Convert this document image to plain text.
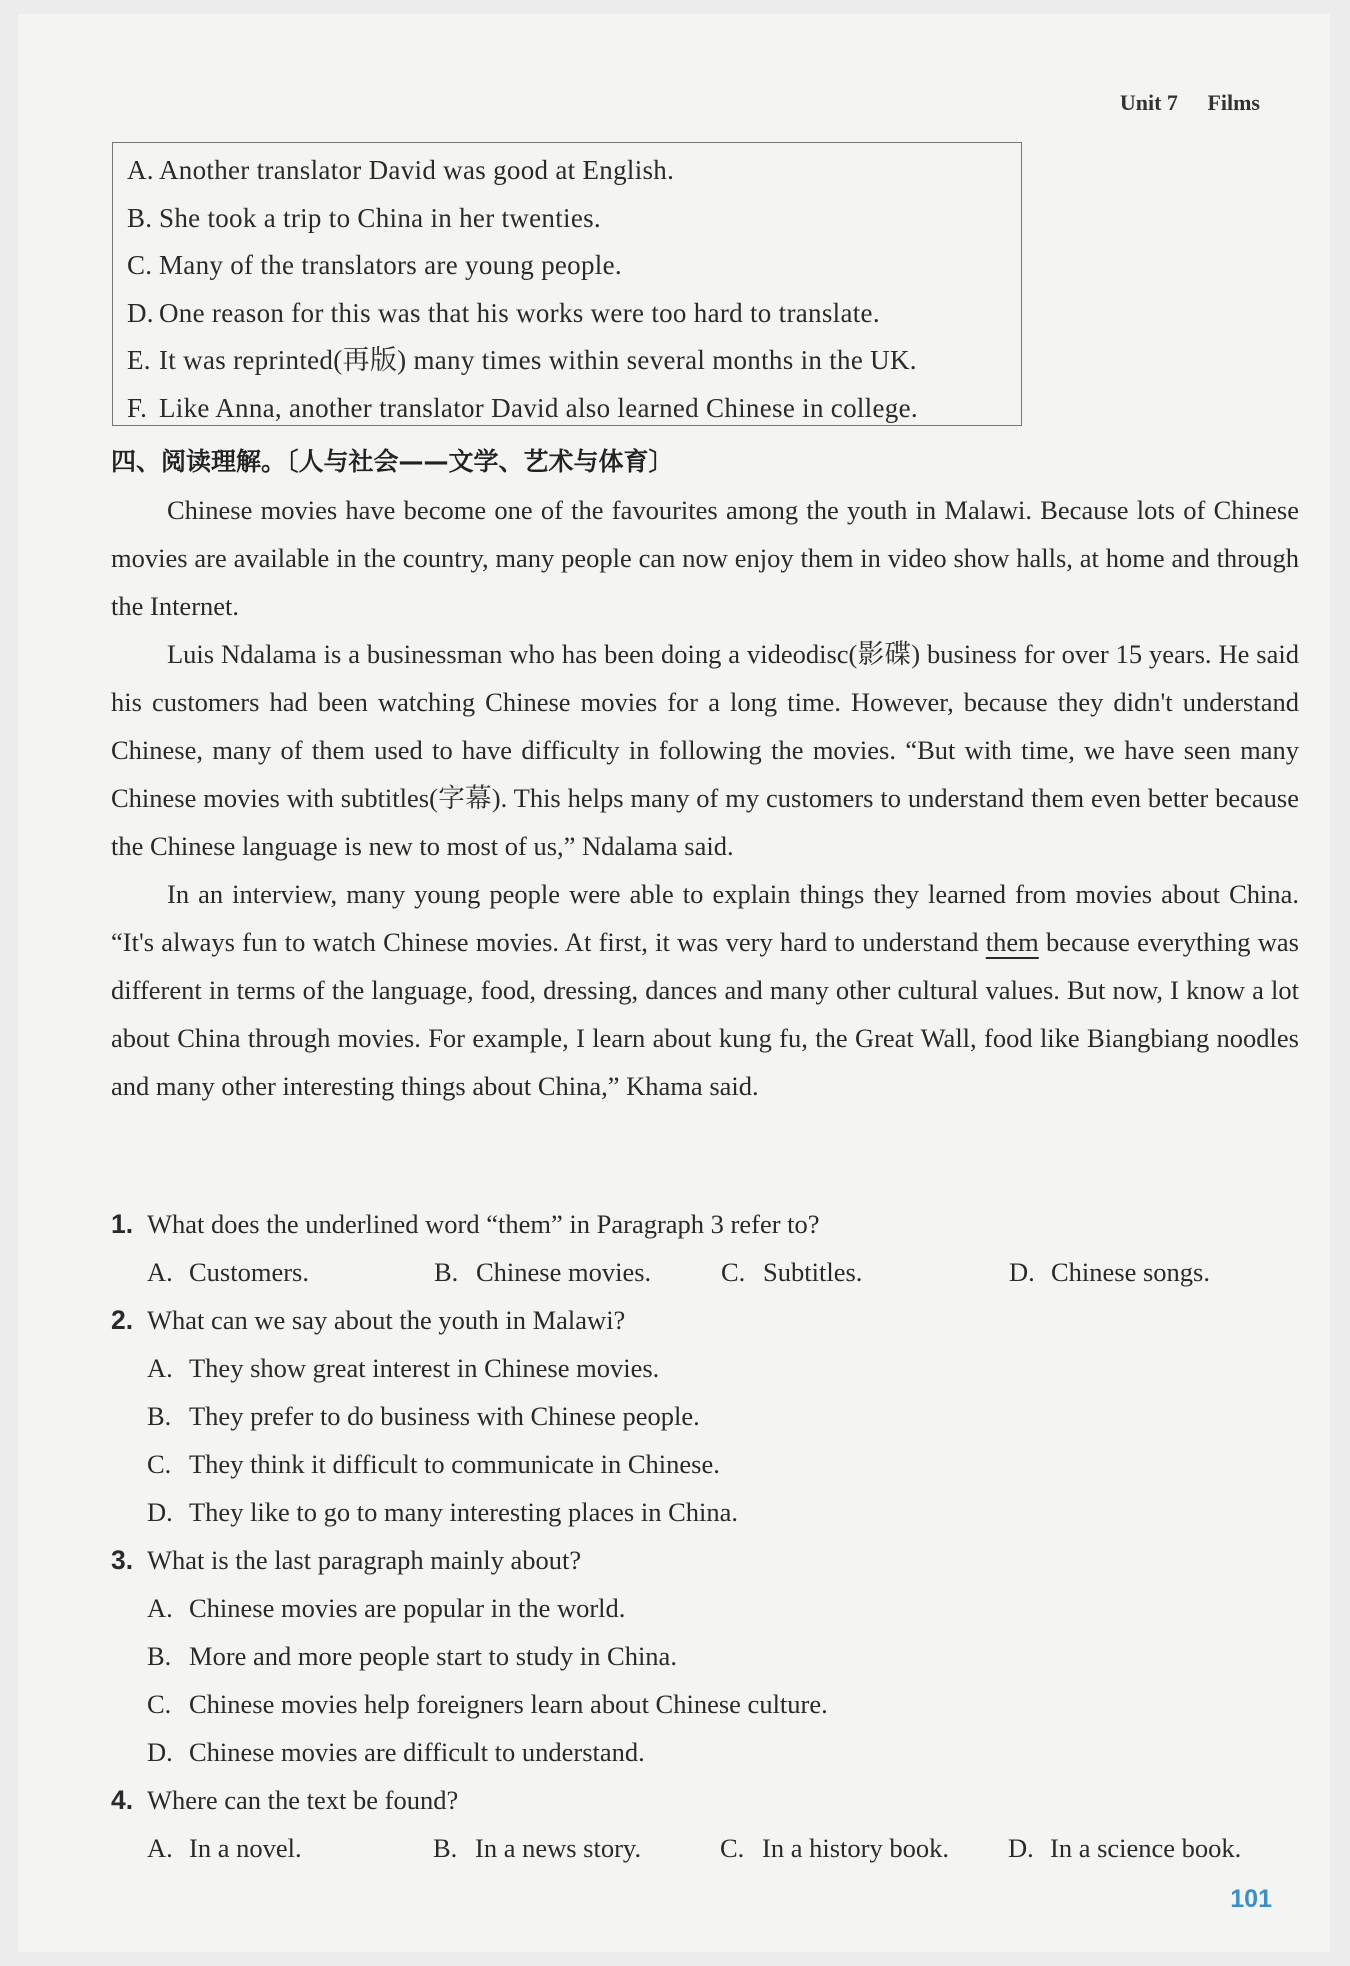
Unit 7 Films
A. Another translator David was good at English.
B. She took a trip to China in her twenties.
C. Many of the translators are young people.
D. One reason for this was that his works were too hard to translate.
E. It was reprinted(再版) many times within several months in the UK.
F. Like Anna, another translator David also learned Chinese in college.
四、阅读理解。〔人与社会——文学、艺术与体育〕

Chinese movies have become one of the favourites among the youth in Malawi. Because lots of Chinese movies are available in the country, many people can now enjoy them in video show halls, at home and through the Internet.

Luis Ndalama is a businessman who has been doing a videodisc(影碟) business for over 15 years. He said his customers had been watching Chinese movies for a long time. However, because they didn't understand Chinese, many of them used to have difficulty in following the movies. “But with time, we have seen many Chinese movies with subtitles(字幕). This helps many of my customers to understand them even better because the Chinese language is new to most of us,” Ndalama said.

In an interview, many young people were able to explain things they learned from movies about China. “It's always fun to watch Chinese movies. At first, it was very hard to understand them because everything was different in terms of the language, food, dressing, dances and many other cultural values. But now, I know a lot about China through movies. For example, I learn about kung fu, the Great Wall, food like Biangbiang noodles and many other interesting things about China,” Khama said.

1. What does the underlined word “them” in Paragraph 3 refer to?
A. Customers.	B. Chinese movies.	C. Subtitles.	D. Chinese songs.
2. What can we say about the youth in Malawi?
A. They show great interest in Chinese movies.
B. They prefer to do business with Chinese people.
C. They think it difficult to communicate in Chinese.
D. They like to go to many interesting places in China.
3. What is the last paragraph mainly about?
A. Chinese movies are popular in the world.
B. More and more people start to study in China.
C. Chinese movies help foreigners learn about Chinese culture.
D. Chinese movies are difficult to understand.
4. Where can the text be found?
A. In a novel.	B. In a news story.	C. In a history book.	D. In a science book.
101
